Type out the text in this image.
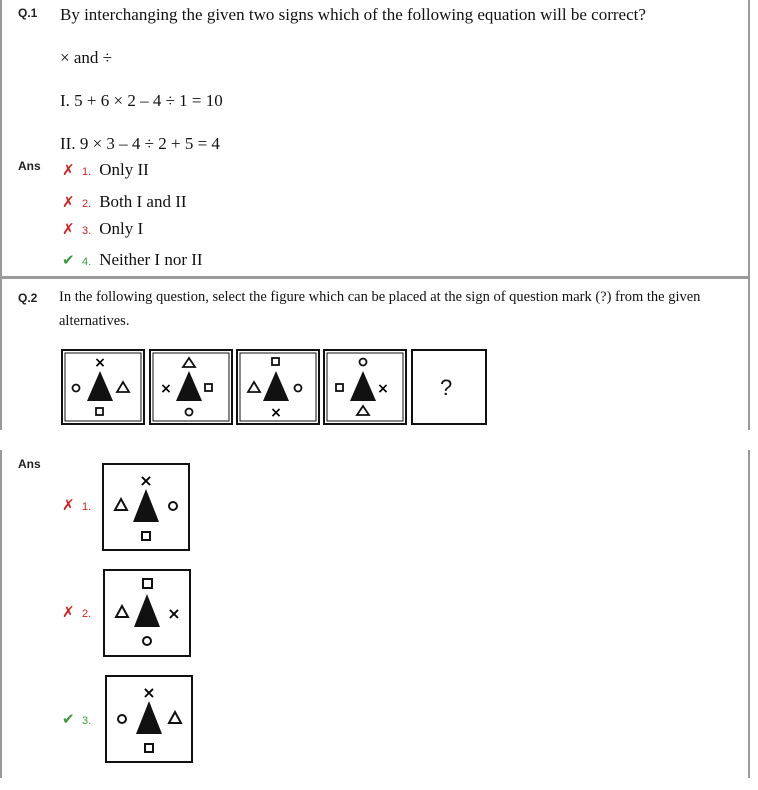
Q.1 By interchanging the given two signs which of the following equation will be correct?
× and ÷
I. 5 + 6 × 2 – 4 ÷ 1 = 10
II. 9 × 3 – 4 ÷ 2 + 5 = 4
Ans ✗ 1. Only II
✗ 2. Both I and II
✗ 3. Only I
✔ 4. Neither I nor II
Q.2 In the following question, select the figure which can be placed at the sign of question mark (?) from the given
alternatives.
×
×
×
× ?
Ans
✗ 1.
×
✗ 2.	×
✔ 3.
×
